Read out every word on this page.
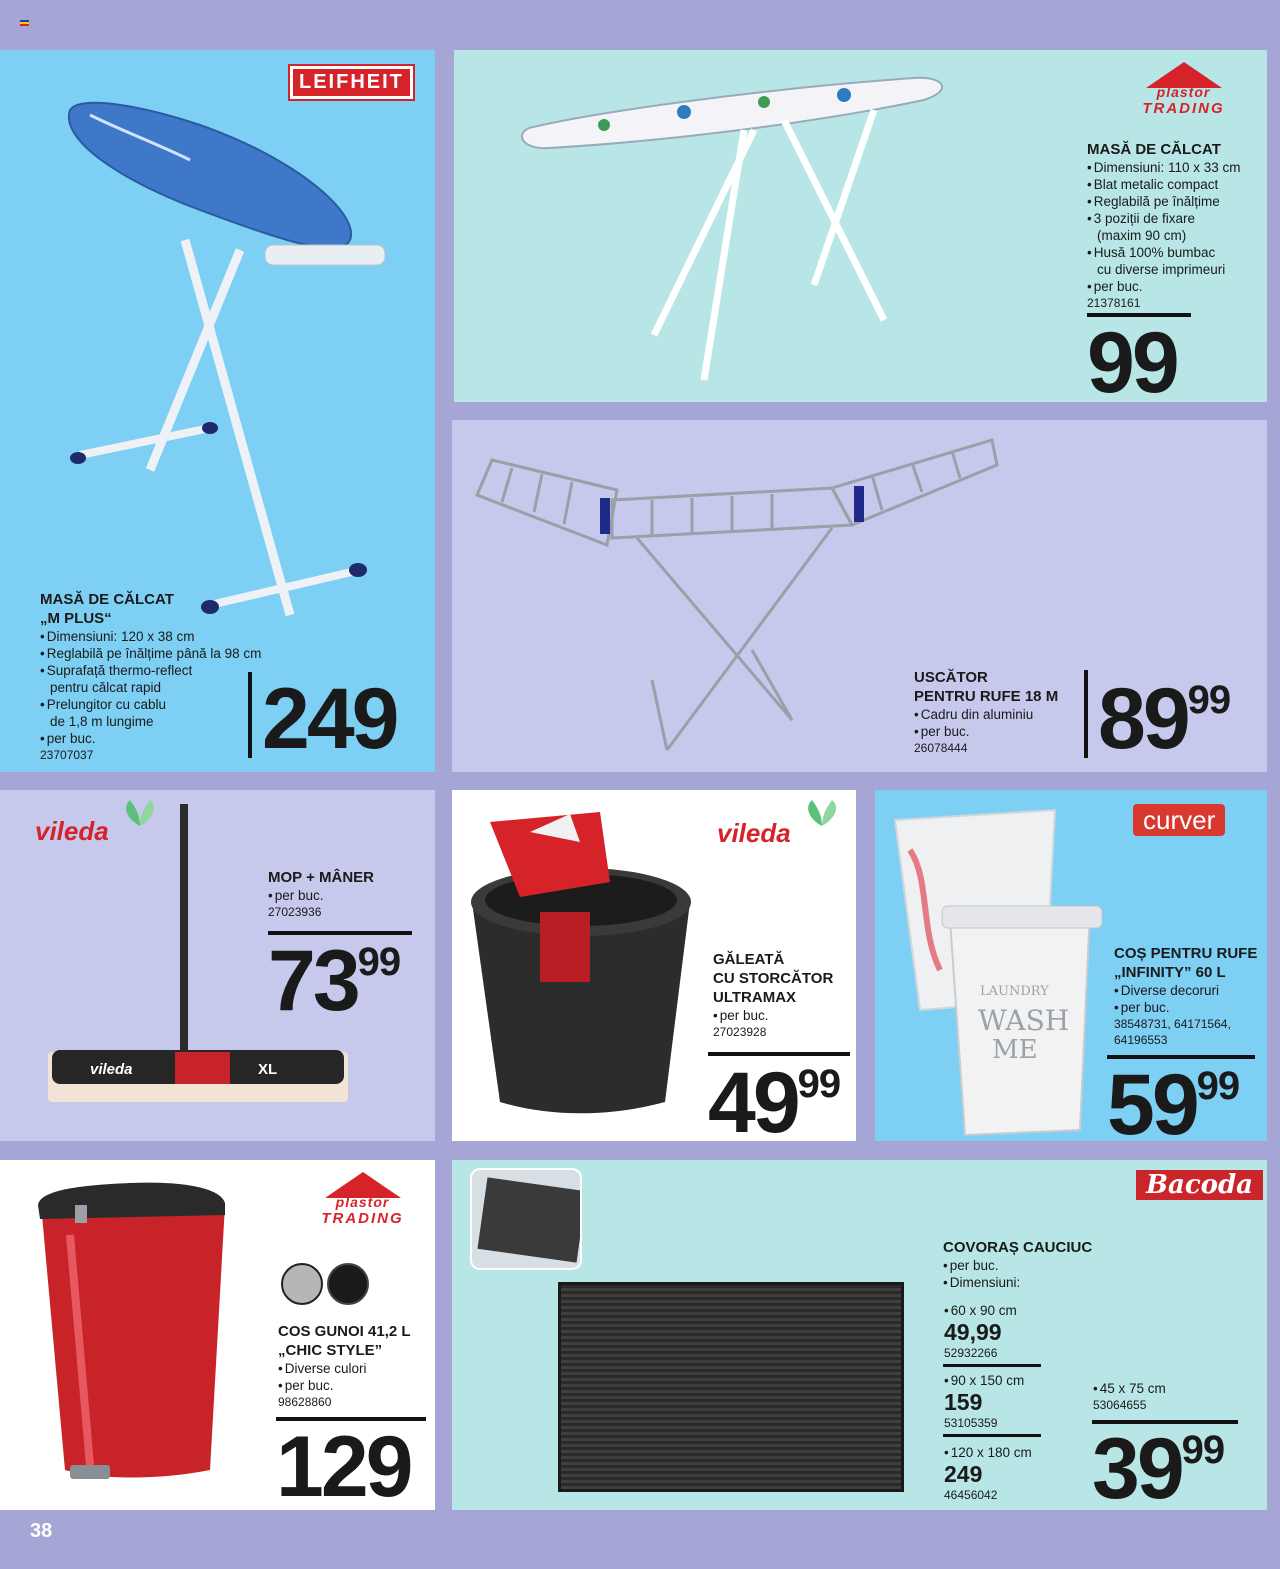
LEIFHEIT
MASĂ DE CĂLCAT
„M PLUS“
• Dimensiuni: 120 x 38 cm
• Reglabilă pe înălțime până la 98 cm
• Suprafață thermo-reflect
pentru călcat rapid
• Prelungitor cu cablu
de 1,8 m lungime
• per buc.
23707037	249
plastor
TRADING
MASĂ DE CĂLCAT
• Dimensiuni: 110 x 33 cm
• Blat metalic compact
• Reglabilă pe înălțime
• 3 poziții de fixare
(maxim 90 cm)
• Husă 100% bumbac
cu diverse imprimeuri
• per buc.
21378161
99
USCĂTOR
PENTRU RUFE 18 M
• Cadru din aluminiu
• per buc.
26078444	8999
vileda
vileda	XL
MOP + MÂNER
• per buc.
27023936
7399
vileda
GĂLEATĂ
CU STORCĂTOR
ULTRAMAX
• per buc.
27023928
4999
curver
LAUNDRY
WASH
ME
COȘ PENTRU RUFE
„INFINITY” 60 L
• Diverse decoruri
• per buc.
38548731, 64171564,
64196553
5999
plastor
TRADING
COS GUNOI 41,2 L
„CHIC STYLE”
• Diverse culori
• per buc.
98628860
129
Bacoda
COVORAȘ CAUCIUC
• per buc.
• Dimensiuni:
• 60 x 90 cm
49,99
52932266
• 90 x 150 cm
159
53105359
• 120 x 180 cm
249
46456042
• 45 x 75 cm
53064655
3999
38
